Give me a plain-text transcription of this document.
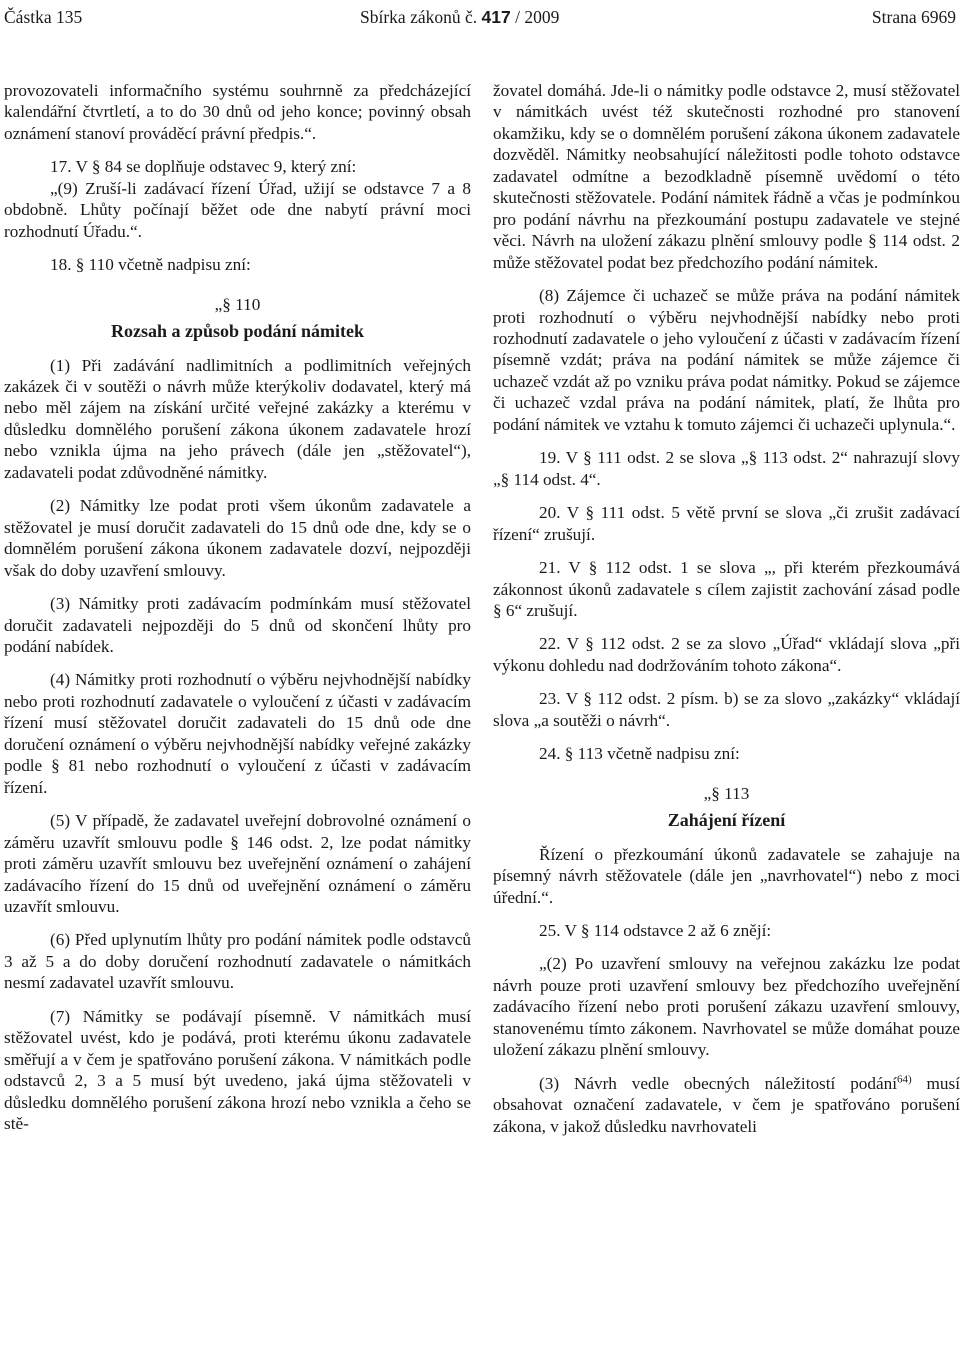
Částka 135	Sbírka zákonů č. 417 / 2009	Strana 6969

provozovateli informačního systému souhrnně za předcházející kalendářní čtvrtletí, a to do 30 dnů od jeho konce; povinný obsah oznámení stanoví prováděcí právní předpis.“.

17. V § 84 se doplňuje odstavec 9, který zní:

„(9) Zruší-li zadávací řízení Úřad, užijí se odstavce 7 a 8 obdobně. Lhůty počínají běžet ode dne nabytí právní moci rozhodnutí Úřadu.“.

18. § 110 včetně nadpisu zní:

„§ 110

Rozsah a způsob podání námitek

(1) Při zadávání nadlimitních a podlimitních veřejných zakázek či v soutěži o návrh může kterýkoliv dodavatel, který má nebo měl zájem na získání určité veřejné zakázky a kterému v důsledku domnělého porušení zákona úkonem zadavatele hrozí nebo vznikla újma na jeho právech (dále jen „stěžovatel“), zadavateli podat zdůvodněné námitky.

(2) Námitky lze podat proti všem úkonům zadavatele a stěžovatel je musí doručit zadavateli do 15 dnů ode dne, kdy se o domnělém porušení zákona úkonem zadavatele dozví, nejpozději však do doby uzavření smlouvy.

(3) Námitky proti zadávacím podmínkám musí stěžovatel doručit zadavateli nejpozději do 5 dnů od skončení lhůty pro podání nabídek.

(4) Námitky proti rozhodnutí o výběru nejvhodnější nabídky nebo proti rozhodnutí zadavatele o vyloučení z účasti v zadávacím řízení musí stěžovatel doručit zadavateli do 15 dnů ode dne doručení oznámení o výběru nejvhodnější nabídky veřejné zakázky podle § 81 nebo rozhodnutí o vyloučení z účasti v zadávacím řízení.

(5) V případě, že zadavatel uveřejní dobrovolné oznámení o záměru uzavřít smlouvu podle § 146 odst. 2, lze podat námitky proti záměru uzavřít smlouvu bez uveřejnění oznámení o zahájení zadávacího řízení do 15 dnů od uveřejnění oznámení o záměru uzavřít smlouvu.

(6) Před uplynutím lhůty pro podání námitek podle odstavců 3 až 5 a do doby doručení rozhodnutí zadavatele o námitkách nesmí zadavatel uzavřít smlouvu.

(7) Námitky se podávají písemně. V námitkách musí stěžovatel uvést, kdo je podává, proti kterému úkonu zadavatele směřují a v čem je spatřováno porušení zákona. V námitkách podle odstavců 2, 3 a 5 musí být uvedeno, jaká újma stěžovateli v důsledku domnělého porušení zákona hrozí nebo vznikla a čeho se stě-

žovatel domáhá. Jde-li o námitky podle odstavce 2, musí stěžovatel v námitkách uvést též skutečnosti rozhodné pro stanovení okamžiku, kdy se o domnělém porušení zákona úkonem zadavatele dozvěděl. Námitky neobsahující náležitosti podle tohoto odstavce zadavatel odmítne a bezodkladně písemně uvědomí o této skutečnosti stěžovatele. Podání námitek řádně a včas je podmínkou pro podání návrhu na přezkoumání postupu zadavatele ve stejné věci. Návrh na uložení zákazu plnění smlouvy podle § 114 odst. 2 může stěžovatel podat bez předchozího podání námitek.

(8) Zájemce či uchazeč se může práva na podání námitek proti rozhodnutí o výběru nejvhodnější nabídky nebo proti rozhodnutí zadavatele o jeho vyloučení z účasti v zadávacím řízení písemně vzdát; práva na podání námitek se může zájemce či uchazeč vzdát až po vzniku práva podat námitky. Pokud se zájemce či uchazeč vzdal práva na podání námitek, platí, že lhůta pro podání námitek ve vztahu k tomuto zájemci či uchazeči uplynula.“.

19. V § 111 odst. 2 se slova „§ 113 odst. 2“ nahrazují slovy „§ 114 odst. 4“.

20. V § 111 odst. 5 větě první se slova „či zrušit zadávací řízení“ zrušují.

21. V § 112 odst. 1 se slova „, při kterém přezkoumává zákonnost úkonů zadavatele s cílem zajistit zachování zásad podle § 6“ zrušují.

22. V § 112 odst. 2 se za slovo „Úřad“ vkládají slova „při výkonu dohledu nad dodržováním tohoto zákona“.

23. V § 112 odst. 2 písm. b) se za slovo „zakázky“ vkládají slova „a soutěži o návrh“.

24. § 113 včetně nadpisu zní:

„§ 113

Zahájení řízení

Řízení o přezkoumání úkonů zadavatele se zahajuje na písemný návrh stěžovatele (dále jen „navrhovatel“) nebo z moci úřední.“.

25. V § 114 odstavce 2 až 6 znějí:

„(2) Po uzavření smlouvy na veřejnou zakázku lze podat návrh pouze proti uzavření smlouvy bez předchozího uveřejnění zadávacího řízení nebo proti porušení zákazu uzavření smlouvy, stanovenému tímto zákonem. Navrhovatel se může domáhat pouze uložení zákazu plnění smlouvy.

(3) Návrh vedle obecných náležitostí podání$^{64)}$ musí obsahovat označení zadavatele, v čem je spatřováno porušení zákona, v jakož důsledku navrhovateli
